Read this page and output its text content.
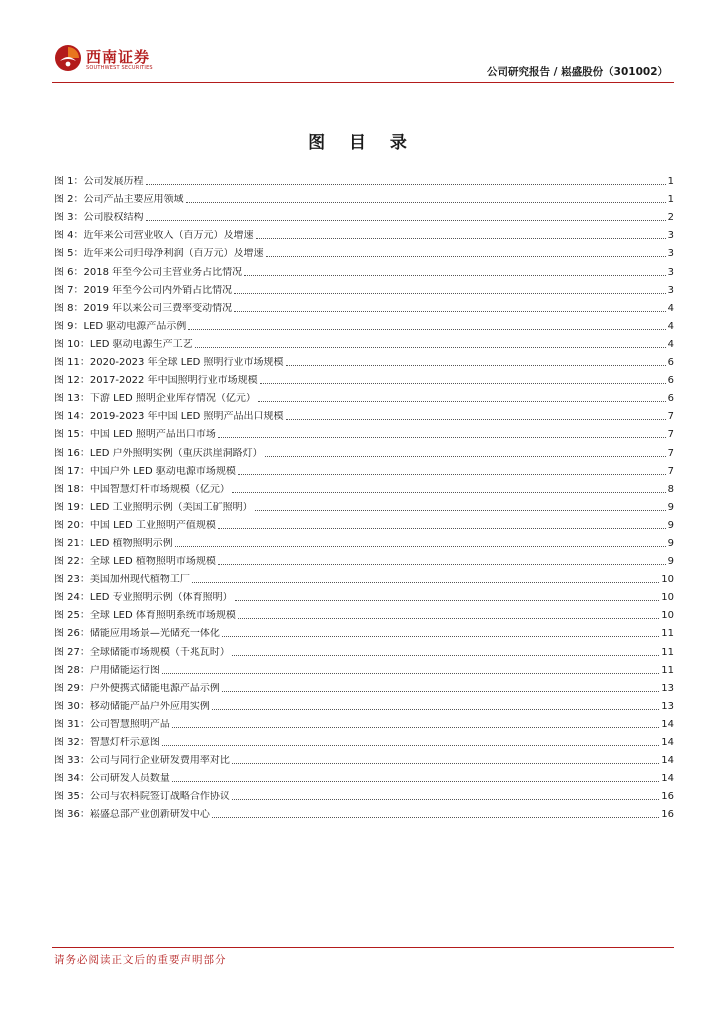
西南证券
SOUTHWEST SECURITIES	公司研究报告 / 崧盛股份（301002）
图 目 录
图 1：公司发展历程	1
图 2：公司产品主要应用领域	1
图 3：公司股权结构	2
图 4：近年来公司营业收入（百万元）及增速	3
图 5：近年来公司归母净利润（百万元）及增速	3
图 6：2018 年至今公司主营业务占比情况	3
图 7：2019 年至今公司内外销占比情况	3
图 8：2019 年以来公司三费率变动情况	4
图 9：LED 驱动电源产品示例	4
图 10：LED 驱动电源生产工艺	4
图 11：2020-2023 年全球 LED 照明行业市场规模	6
图 12：2017-2022 年中国照明行业市场规模	6
图 13：下游 LED 照明企业库存情况（亿元）	6
图 14：2019-2023 年中国 LED 照明产品出口规模	7
图 15：中国 LED 照明产品出口市场	7
图 16：LED 户外照明实例（重庆洪崖洞路灯）	7
图 17：中国户外 LED 驱动电源市场规模	7
图 18：中国智慧灯杆市场规模（亿元）	8
图 19：LED 工业照明示例（美国工矿照明）	9
图 20：中国 LED 工业照明产值规模	9
图 21：LED 植物照明示例	9
图 22：全球 LED 植物照明市场规模	9
图 23：美国加州现代植物工厂	10
图 24：LED 专业照明示例（体育照明）	10
图 25：全球 LED 体育照明系统市场规模	10
图 26：储能应用场景—光储充一体化	11
图 27：全球储能市场规模（千兆瓦时）	11
图 28：户用储能运行图	11
图 29：户外便携式储能电源产品示例	13
图 30：移动储能产品户外应用实例	13
图 31：公司智慧照明产品	14
图 32：智慧灯杆示意图	14
图 33：公司与同行企业研发费用率对比	14
图 34：公司研发人员数量	14
图 35：公司与农科院签订战略合作协议	16
图 36：崧盛总部产业创新研发中心	16
请务必阅读正文后的重要声明部分
